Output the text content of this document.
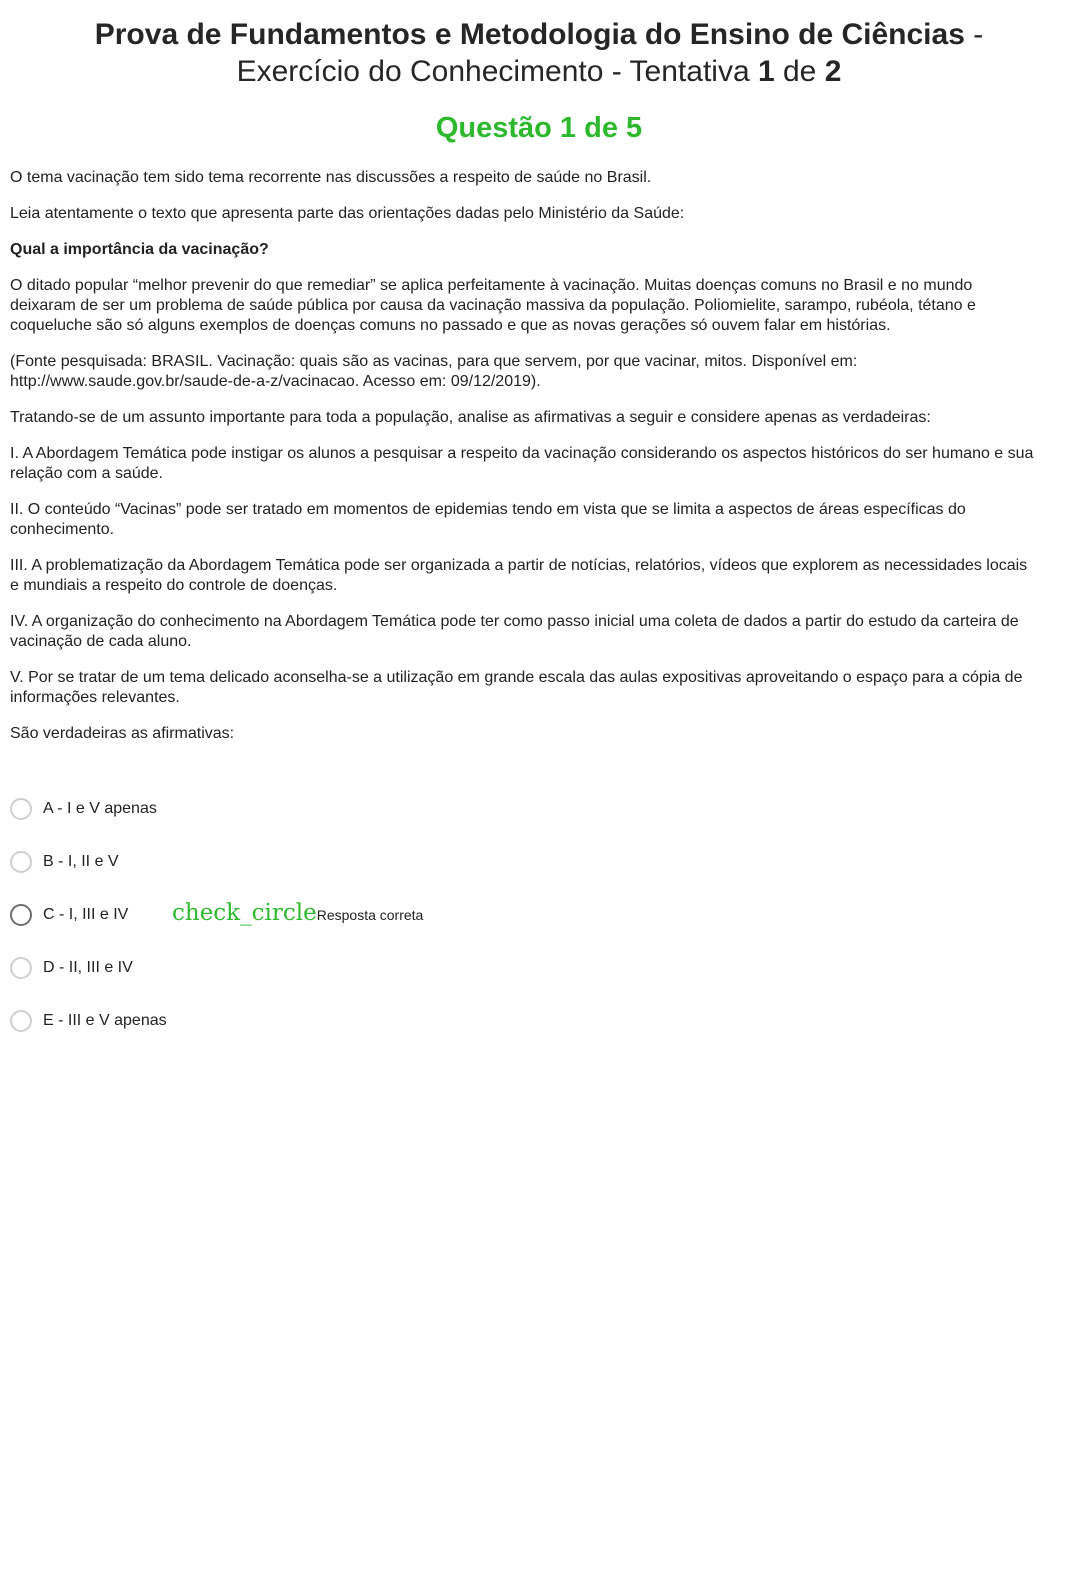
Prova de Fundamentos e Metodologia do Ensino de Ciências -
Exercício do Conhecimento - Tentativa 1 de 2
Questão 1 de 5

O tema vacinação tem sido tema recorrente nas discussões a respeito de saúde no Brasil.

Leia atentamente o texto que apresenta parte das orientações dadas pelo Ministério da Saúde:

Qual a importância da vacinação?

O ditado popular “melhor prevenir do que remediar” se aplica perfeitamente à vacinação. Muitas doenças comuns no Brasil e no mundo deixaram de ser um problema de saúde pública por causa da vacinação massiva da população. Poliomielite, sarampo, rubéola, tétano e coqueluche são só alguns exemplos de doenças comuns no passado e que as novas gerações só ouvem falar em histórias.

(Fonte pesquisada: BRASIL. Vacinação: quais são as vacinas, para que servem, por que vacinar, mitos. Disponível em: http://www.saude.gov.br/saude-de-a-z/vacinacao. Acesso em: 09/12/2019).

Tratando-se de um assunto importante para toda a população, analise as afirmativas a seguir e considere apenas as verdadeiras:

I. A Abordagem Temática pode instigar os alunos a pesquisar a respeito da vacinação considerando os aspectos históricos do ser humano e sua relação com a saúde.

II. O conteúdo “Vacinas” pode ser tratado em momentos de epidemias tendo em vista que se limita a aspectos de áreas específicas do conhecimento.

III. A problematização da Abordagem Temática pode ser organizada a partir de notícias, relatórios, vídeos que explorem as necessidades locais e mundiais a respeito do controle de doenças.

IV. A organização do conhecimento na Abordagem Temática pode ter como passo inicial uma coleta de dados a partir do estudo da carteira de vacinação de cada aluno.

V. Por se tratar de um tema delicado aconselha-se a utilização em grande escala das aulas expositivas aproveitando o espaço para a cópia de informações relevantes.

São verdadeiras as afirmativas:

A - I e V apenas
B - I, II e V
C - I, III e IV check_circle Resposta correta
D - II, III e IV
E - III e V apenas
